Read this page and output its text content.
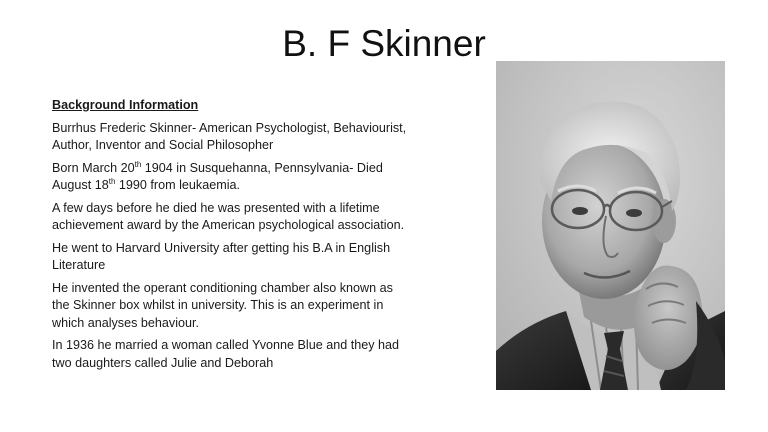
B. F Skinner
Background Information
Burrhus Frederic Skinner- American Psychologist, Behaviourist,
Author, Inventor and Social Philosopher
Born March 20th 1904 in Susquehanna, Pennsylvania- Died
August 18th 1990 from leukaemia.
A few days before he died he was presented with a lifetime
achievement award by the American psychological association.
He went to Harvard University after getting his B.A in English
Literature
He invented the operant conditioning chamber also known as
the Skinner box whilst in university. This is an experiment in
which analyses behaviour.
In 1936 he married a woman called Yvonne Blue and they had
two daughters called Julie and Deborah
